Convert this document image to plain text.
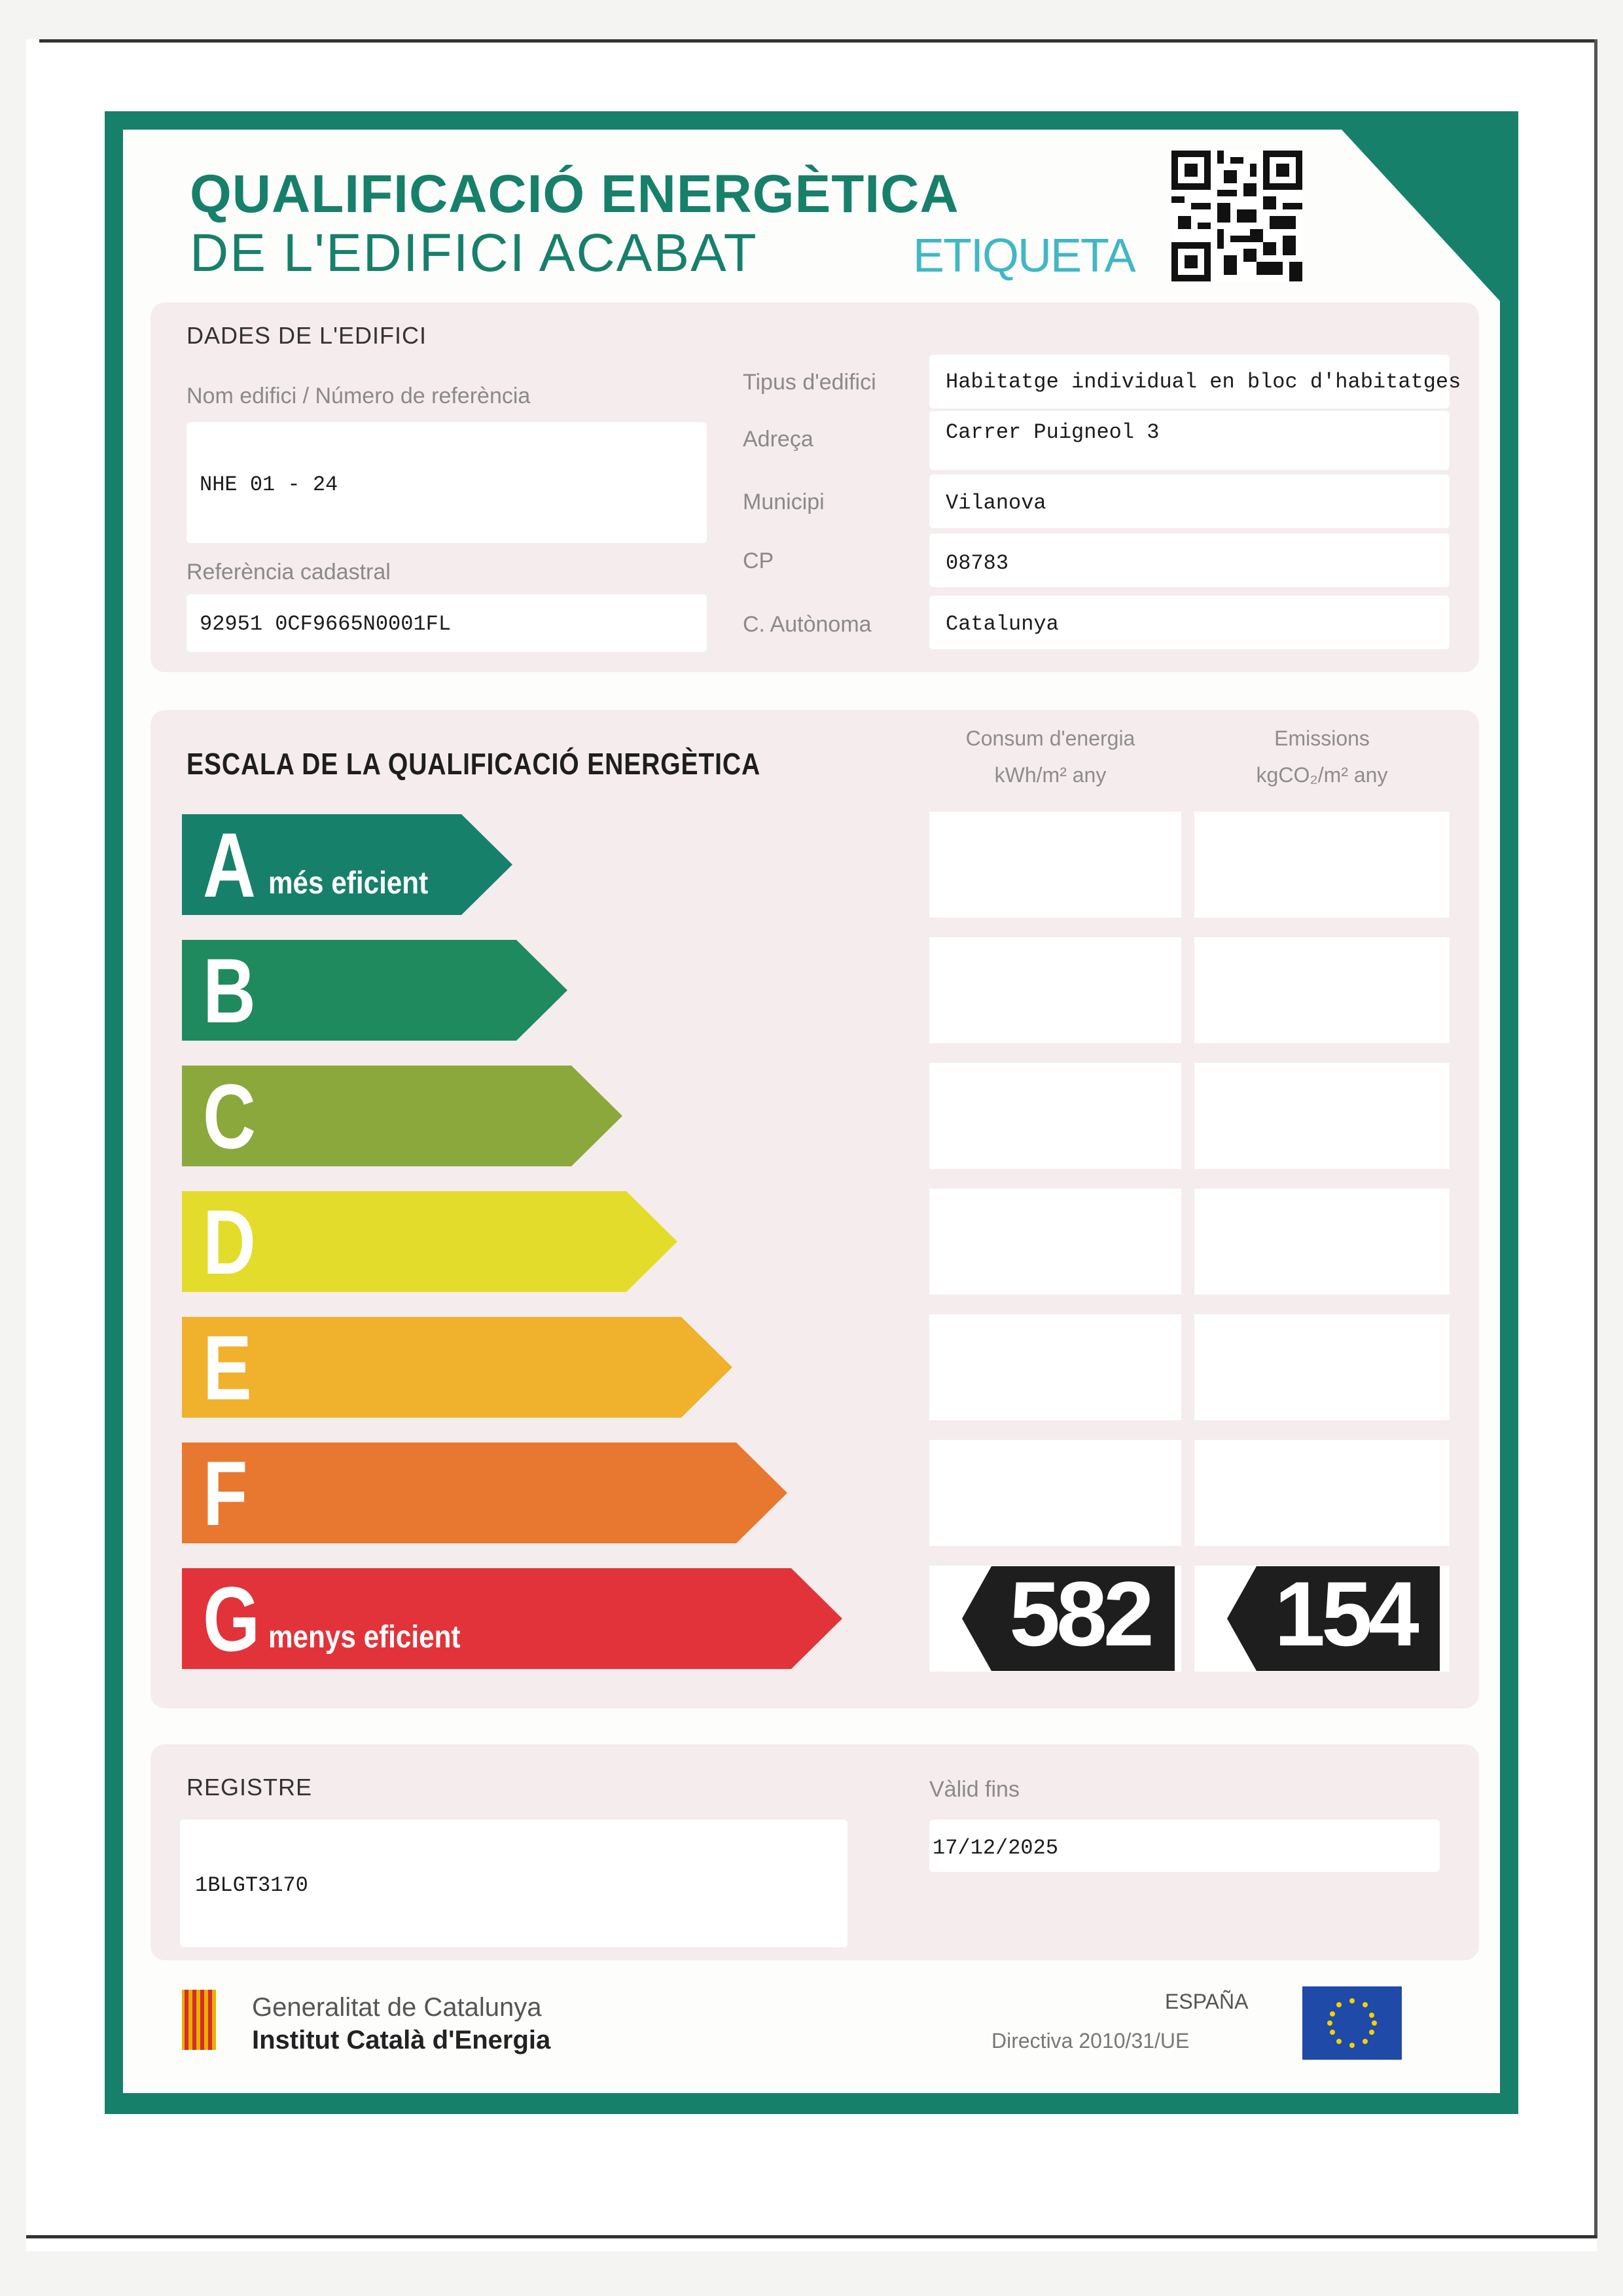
QUALIFICACIÓ ENERGÈTICA
DE L'EDIFICI ACABAT	ETIQUETA
DADES DE L'EDIFICI
Nom edifici / Número de referència
NHE 01 - 24
Referència cadastral
92951 0CF9665N0001FL
Tipus d'edifici	Habitatge individual en bloc d'habitatges
Adreça	Carrer Puigneol 3
Municipi	Vilanova
CP	08783
C. Autònoma	Catalunya
ESCALA DE LA QUALIFICACIÓ ENERGÈTICA
Consum d'energia
kWh/m² any
Emissions
kgCO₂/m² any
A més eficient
B
C
D
E
F
G menys eficient	582	154
REGISTRE
1BLGT3170
Vàlid fins
17/12/2025
Generalitat de Catalunya
Institut Català d'Energia
ESPAÑA
Directiva 2010/31/UE
